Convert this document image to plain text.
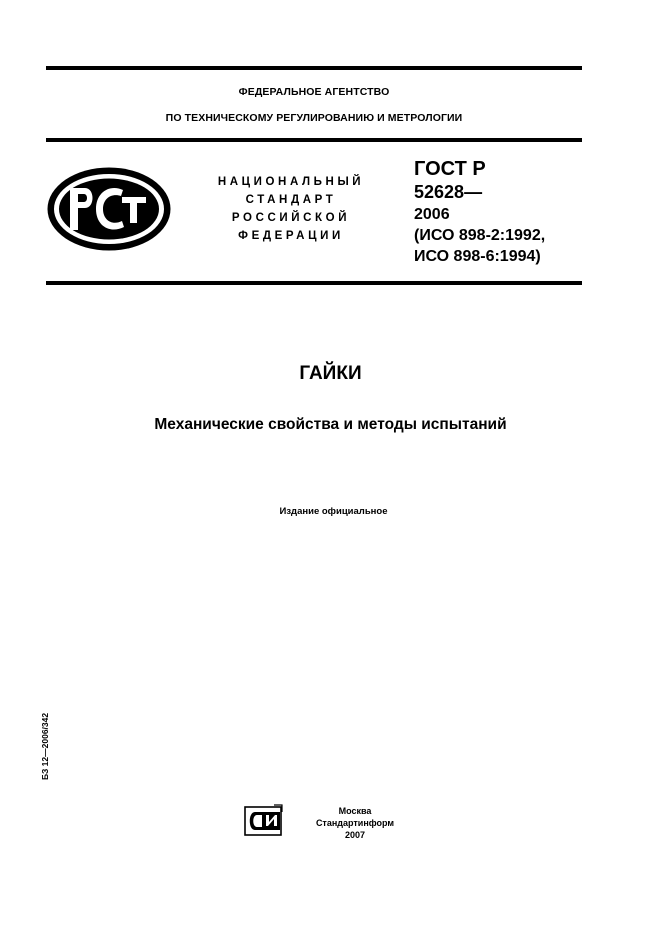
ФЕДЕРАЛЬНОЕ АГЕНТСТВО
ПО ТЕХНИЧЕСКОМУ РЕГУЛИРОВАНИЮ И МЕТРОЛОГИИ
НАЦИОНАЛЬНЫЙ
СТАНДАРТ
РОССИЙСКОЙ
ФЕДЕРАЦИИ
ГОСТ Р
52628—
2006
(ИСО 898-2:1992,
ИСО 898-6:1994)
ГАЙКИ
Механические свойства и методы испытаний
Издание официальное
БЗ 12—2006/342
Москва
Стандартинформ
2007
